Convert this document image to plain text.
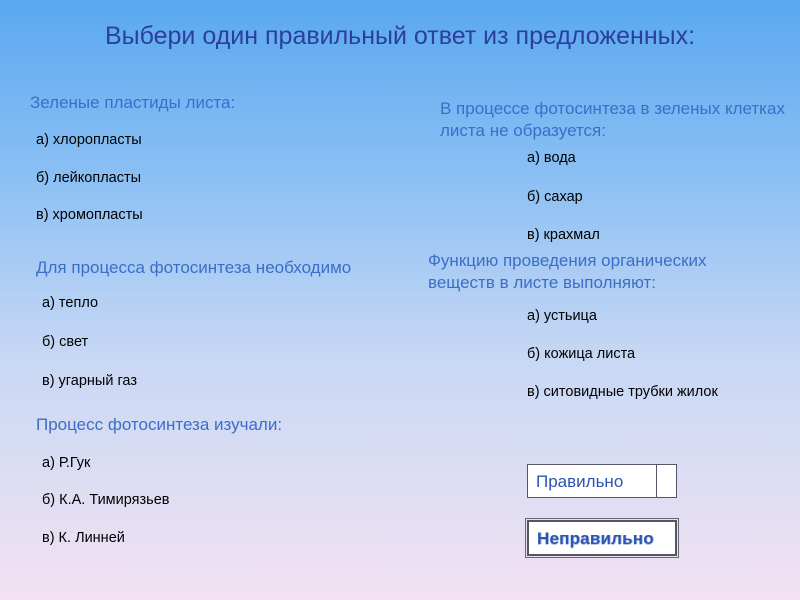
Выбери один правильный ответ из предложенных:
Зеленые пластиды листа:
а) хлоропласты
б) лейкопласты
в) хромопласты
В процессе фотосинтеза в зеленых клетках листа не образуется:
а) вода
б) сахар
в) крахмал
Для процесса фотосинтеза необходимо
а) тепло
б) свет
в) угарный газ
Функцию проведения органических веществ в листе выполняют:
а) устьица
б) кожица листа
в) ситовидные трубки жилок
Процесс фотосинтеза изучали:
а) Р.Гук
б) К.А. Тимирязьев
в) К. Линней
Правильно
Неправильно
